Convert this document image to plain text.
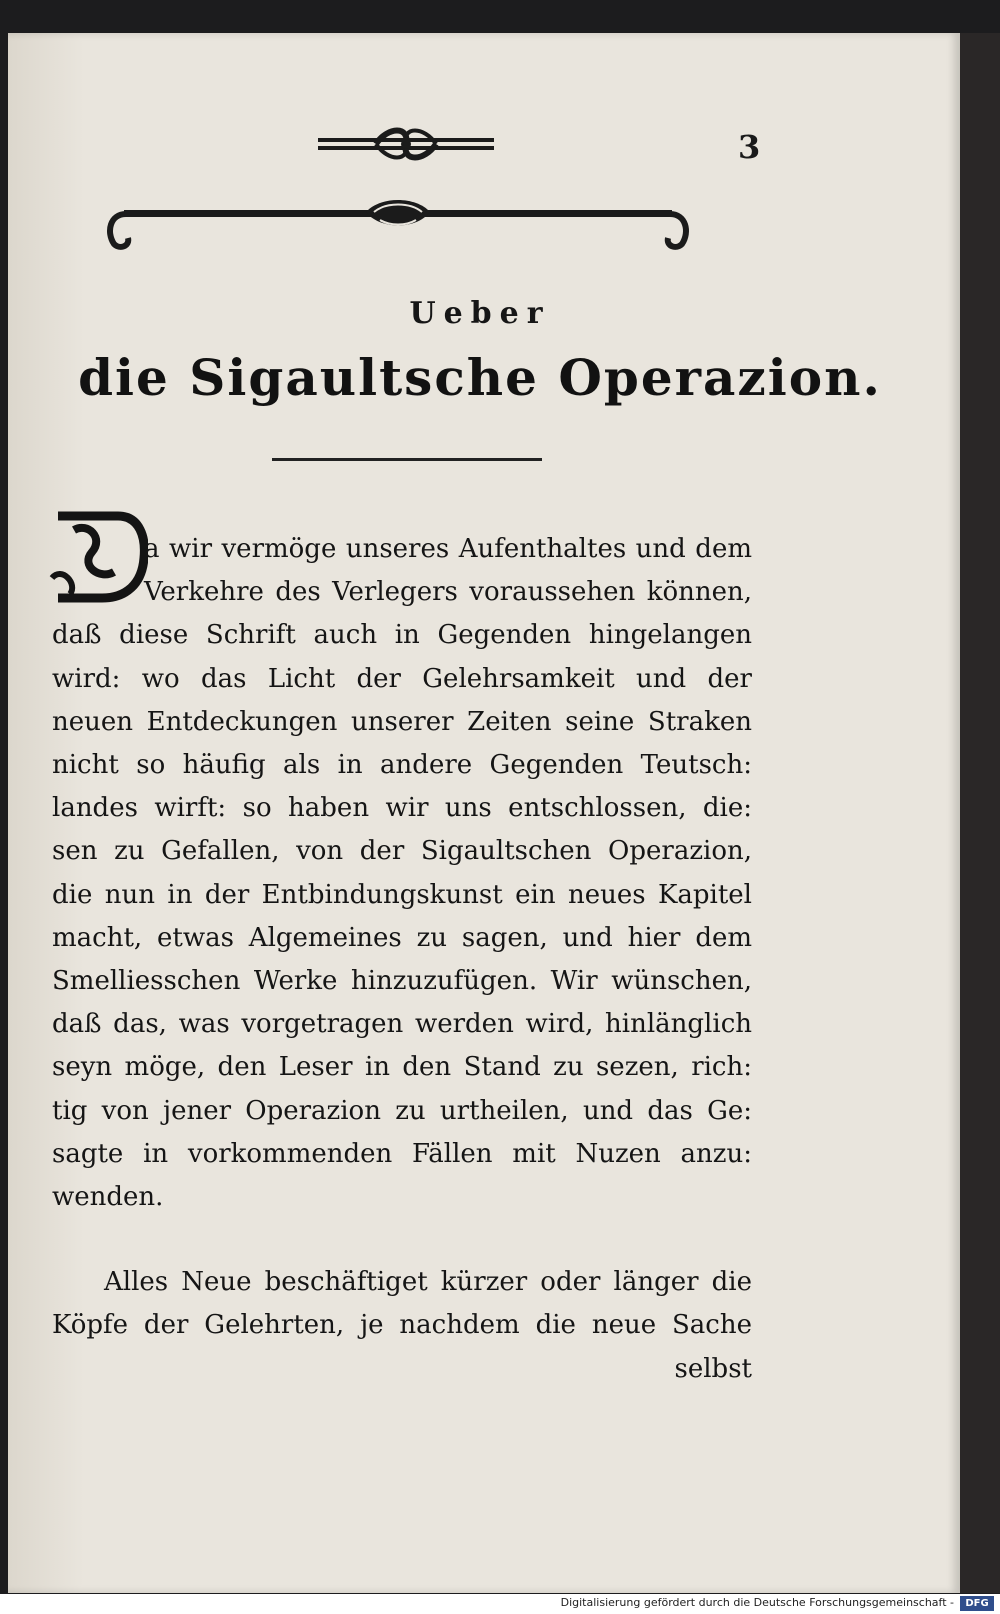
3
Ueber
die Sigaultsche Operazion.
a wir vermöge unseres Aufenthaltes und dem
Verkehre des Verlegers voraussehen können,
daß diese Schrift auch in Gegenden hingelangen
wird: wo das Licht der Gelehrsamkeit und der
neuen Entdeckungen unserer Zeiten seine Straken
nicht so häufig als in andere Gegenden Teutsch:
landes wirft: so haben wir uns entschlossen, die:
sen zu Gefallen, von der Sigaultschen Operazion,
die nun in der Entbindungskunst ein neues Kapitel
macht, etwas Algemeines zu sagen, und hier dem
Smelliesschen Werke hinzuzufügen. Wir wünschen,
daß das, was vorgetragen werden wird, hinlänglich
seyn möge, den Leser in den Stand zu sezen, rich:
tig von jener Operazion zu urtheilen, und das Ge:
sagte in vorkommenden Fällen mit Nuzen anzu:
wenden.
Alles Neue beschäftiget kürzer oder länger die
Köpfe der Gelehrten, je nachdem die neue Sache
selbst
Digitalisierung gefördert durch die Deutsche Forschungsgemeinschaft -	DFG
